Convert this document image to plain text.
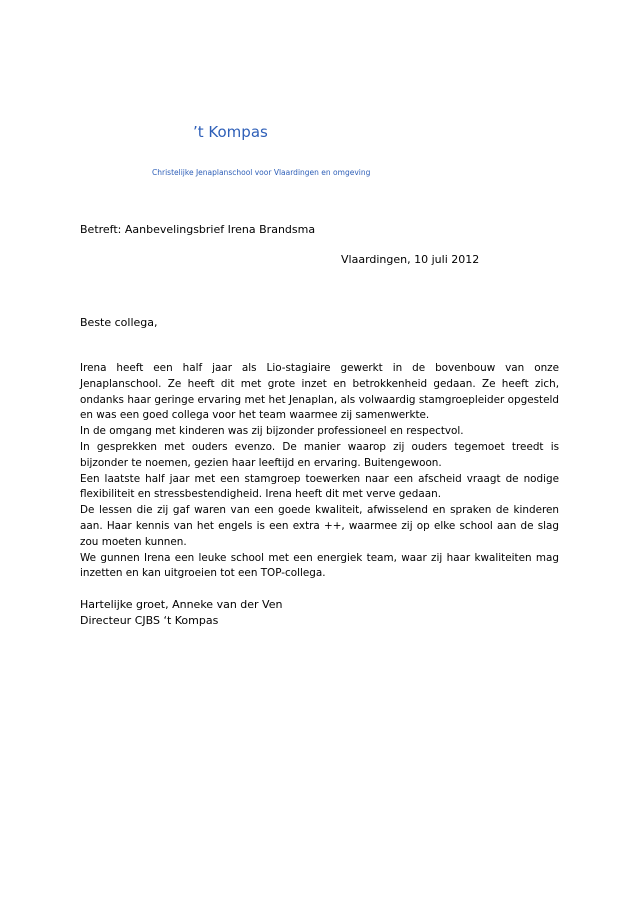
’t Kompas
Christelijke Jenaplanschool voor Vlaardingen en omgeving
Betreft: Aanbevelingsbrief Irena Brandsma
Vlaardingen, 10 juli 2012
Beste collega,

Irena heeft een half jaar als Lio-stagiaire gewerkt in de bovenbouw van onze Jenaplanschool. Ze heeft dit met grote inzet en betrokkenheid gedaan. Ze heeft zich, ondanks haar geringe ervaring met het Jenaplan, als volwaardig stamgroepleider opgesteld en was een goed collega voor het team waarmee zij samenwerkte.

In de omgang met kinderen was zij bijzonder professioneel en respectvol.

In gesprekken met ouders evenzo. De manier waarop zij ouders tegemoet treedt is bijzonder te noemen, gezien haar leeftijd en ervaring. Buitengewoon.

Een laatste half jaar met een stamgroep toewerken naar een afscheid vraagt de nodige flexibiliteit en stressbestendigheid. Irena heeft dit met verve gedaan.

De lessen die zij gaf waren van een goede kwaliteit, afwisselend en spraken de kinderen aan. Haar kennis van het engels is een extra ++, waarmee zij op elke school aan de slag zou moeten kunnen.

We gunnen Irena een leuke school met een energiek team, waar zij haar kwaliteiten mag inzetten en kan uitgroeien tot een TOP-collega.

Hartelijke groet, Anneke van der Ven
Directeur CJBS ‘t Kompas
